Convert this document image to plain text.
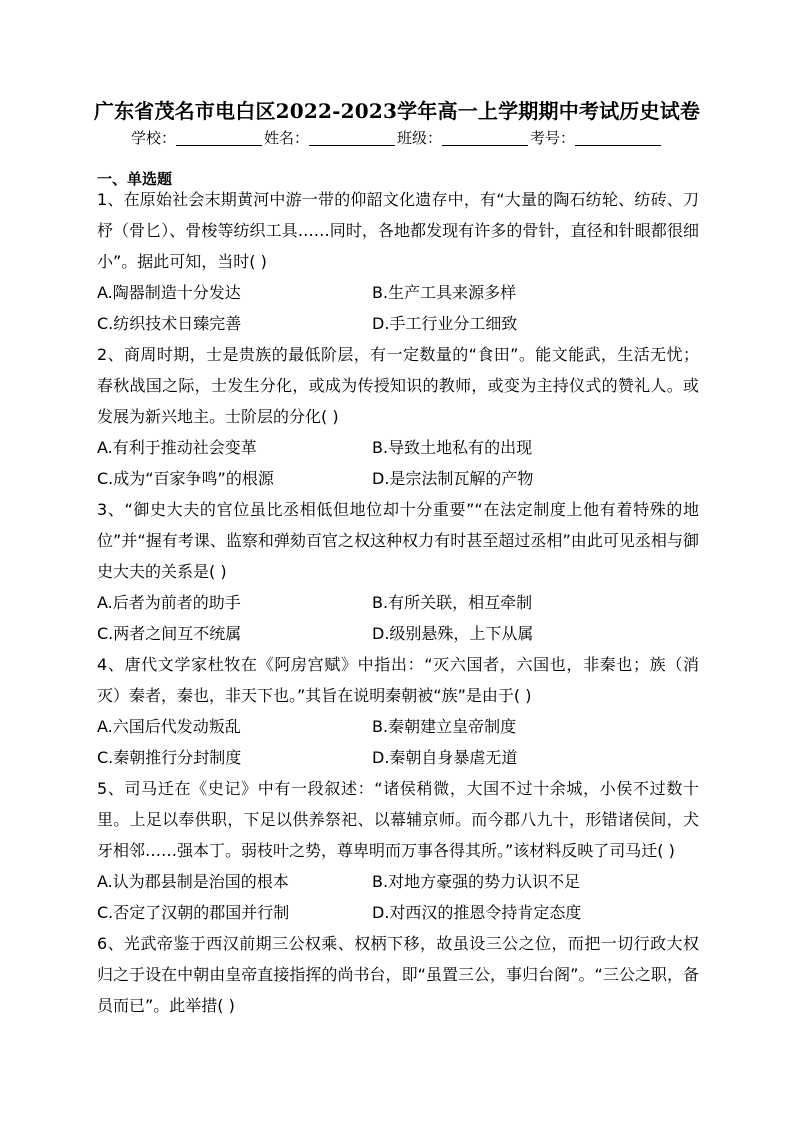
广东省茂名市电白区2022-2023学年高一上学期期中考试历史试卷
学校：	姓名：	班级：	考号：
一、单选题

1、在原始社会末期黄河中游一带的仰韶文化遗存中，有“大量的陶石纺轮、纺砖、刀杼（骨匕）、骨梭等纺织工具……同时，各地都发现有许多的骨针，直径和针眼都很细小”。据此可知，当时( )

A.陶器制造十分发达	B.生产工具来源多样
C.纺织技术日臻完善	D.手工行业分工细致

2、商周时期，士是贵族的最低阶层，有一定数量的“食田”。能文能武，生活无忧；春秋战国之际，士发生分化，或成为传授知识的教师，或变为主持仪式的赞礼人。或发展为新兴地主。士阶层的分化( )

A.有利于推动社会变革	B.导致土地私有的出现
C.成为“百家争鸣”的根源	D.是宗法制瓦解的产物

3、“御史大夫的官位虽比丞相低但地位却十分重要”“在法定制度上他有着特殊的地位”并“握有考课、监察和弹劾百官之权这种权力有时甚至超过丞相”由此可见丞相与御史大夫的关系是( )

A.后者为前者的助手	B.有所关联，相互牵制
C.两者之间互不统属	D.级别悬殊，上下从属

4、唐代文学家杜牧在《阿房宫赋》中指出：“灭六国者，六国也，非秦也；族（消灭）秦者，秦也，非天下也。”其旨在说明秦朝被“族”是由于( )

A.六国后代发动叛乱	B.秦朝建立皇帝制度
C.秦朝推行分封制度	D.秦朝自身暴虐无道

5、司马迁在《史记》中有一段叙述：“诸侯稍微，大国不过十余城，小侯不过数十里。上足以奉供职，下足以供养祭祀、以幕辅京师。而今郡八九十，形错诸侯间，犬牙相邻……强本丁。弱枝叶之势，尊卑明而万事各得其所。”该材料反映了司马迁( )

A.认为郡县制是治国的根本	B.对地方豪强的势力认识不足
C.否定了汉朝的郡国并行制	D.对西汉的推恩令持肯定态度

6、光武帝鉴于西汉前期三公权乘、权柄下移，故虽设三公之位，而把一切行政大权归之于设在中朝由皇帝直接指挥的尚书台，即“虽置三公，事归台阁”。“三公之职，备员而已”。此举措( )
